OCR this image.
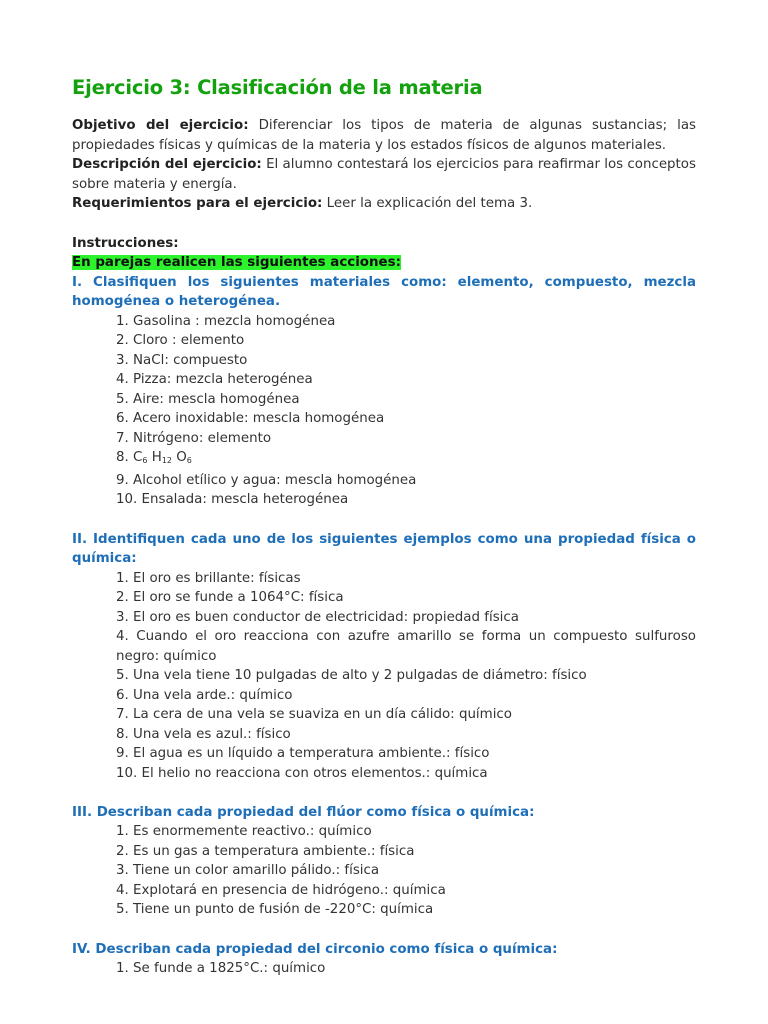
Ejercicio 3: Clasificación de la materia

Objetivo del ejercicio: Diferenciar los tipos de materia de algunas sustancias; las propiedades físicas y químicas de la materia y los estados físicos de algunos materiales.

Descripción del ejercicio: El alumno contestará los ejercicios para reafirmar los conceptos sobre materia y energía.

Requerimientos para el ejercicio: Leer la explicación del tema 3.

Instrucciones:

En parejas realicen las siguientes acciones:

I. Clasifiquen los siguientes materiales como: elemento, compuesto, mezcla homogénea o heterogénea.

1. Gasolina : mezcla homogénea
2. Cloro : elemento
3. NaCl: compuesto
4. Pizza: mezcla heterogénea
5. Aire: mescla homogénea
6. Acero inoxidable: mescla homogénea
7. Nitrógeno: elemento
8. $C_6$ $H_{12}$ $O_6$
9. Alcohol etílico y agua: mescla homogénea
10. Ensalada: mescla heterogénea

II. Identifiquen cada uno de los siguientes ejemplos como una propiedad física o química:

1. El oro es brillante: físicas
2. El oro se funde a 1064°C: física
3. El oro es buen conductor de electricidad: propiedad física
4. Cuando el oro reacciona con azufre amarillo se forma un compuesto sulfuroso negro: químico
5. Una vela tiene 10 pulgadas de alto y 2 pulgadas de diámetro: físico
6. Una vela arde.: químico
7. La cera de una vela se suaviza en un día cálido: químico
8. Una vela es azul.: físico
9. El agua es un líquido a temperatura ambiente.: físico
10. El helio no reacciona con otros elementos.: química

III. Describan cada propiedad del flúor como física o química:

1. Es enormemente reactivo.: químico
2. Es un gas a temperatura ambiente.: física
3. Tiene un color amarillo pálido.: física
4. Explotará en presencia de hidrógeno.: química
5. Tiene un punto de fusión de -220°C: química

IV. Describan cada propiedad del circonio como física o química:

1. Se funde a 1825°C.: químico
